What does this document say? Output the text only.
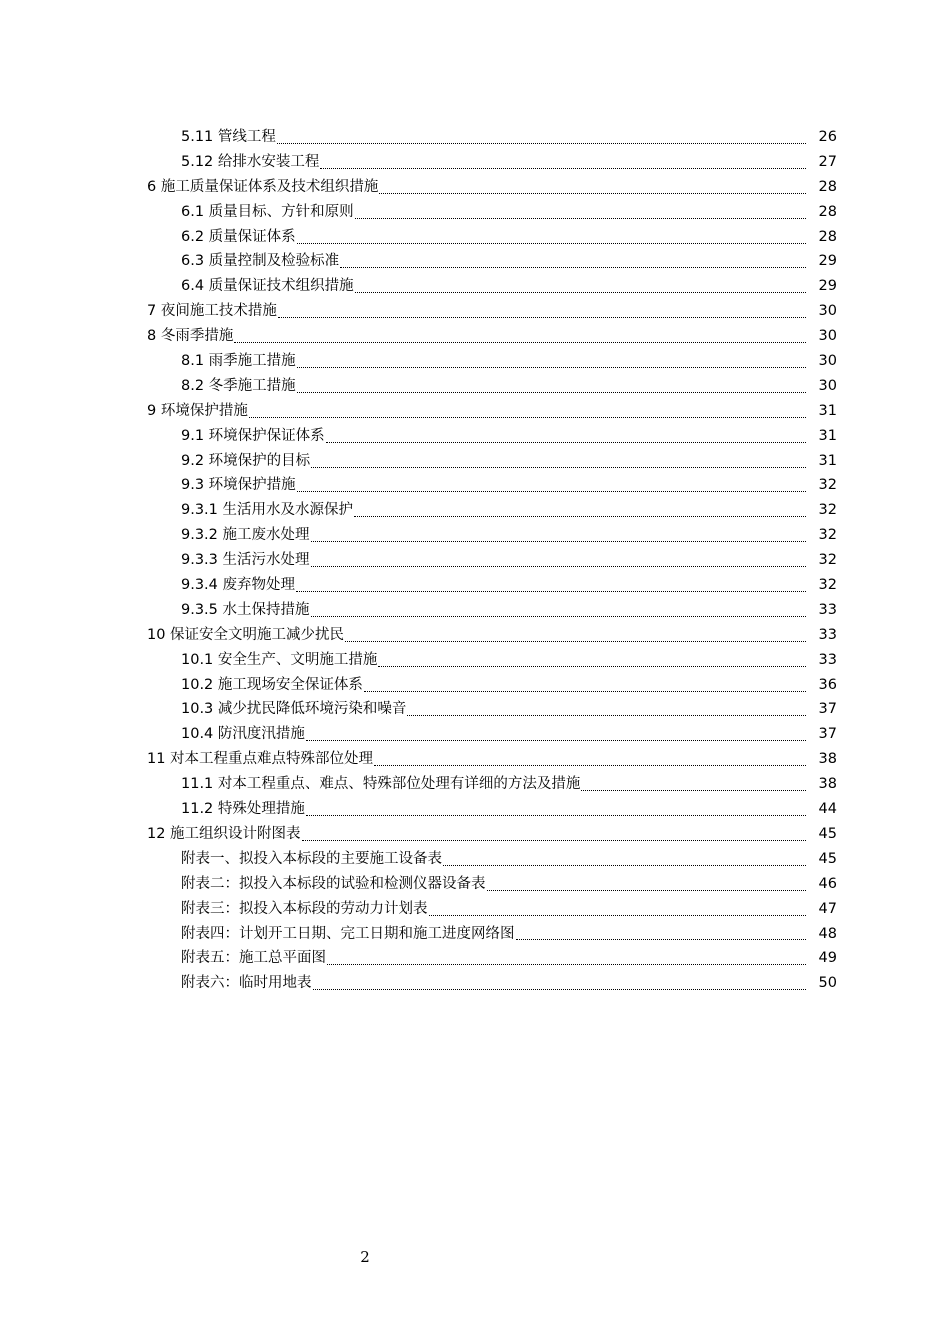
5.11 管线工程	26
5.12 给排水安装工程	27
6 施工质量保证体系及技术组织措施	28
6.1 质量目标、方针和原则	28
6.2 质量保证体系	28
6.3 质量控制及检验标准	29
6.4 质量保证技术组织措施	29
7 夜间施工技术措施	30
8 冬雨季措施	30
8.1 雨季施工措施	30
8.2 冬季施工措施	30
9 环境保护措施	31
9.1 环境保护保证体系	31
9.2 环境保护的目标	31
9.3 环境保护措施	32
9.3.1 生活用水及水源保护	32
9.3.2 施工废水处理	32
9.3.3 生活污水处理	32
9.3.4 废弃物处理	32
9.3.5 水土保持措施	33
10 保证安全文明施工减少扰民	33
10.1 安全生产、文明施工措施	33
10.2 施工现场安全保证体系	36
10.3 减少扰民降低环境污染和噪音	37
10.4 防汛度汛措施	37
11 对本工程重点难点特殊部位处理	38
11.1 对本工程重点、难点、特殊部位处理有详细的方法及措施	38
11.2 特殊处理措施	44
12 施工组织设计附图表	45
附表一、拟投入本标段的主要施工设备表	45
附表二：拟投入本标段的试验和检测仪器设备表	46
附表三：拟投入本标段的劳动力计划表	47
附表四：计划开工日期、完工日期和施工进度网络图	48
附表五：施工总平面图	49
附表六：临时用地表	50
2
